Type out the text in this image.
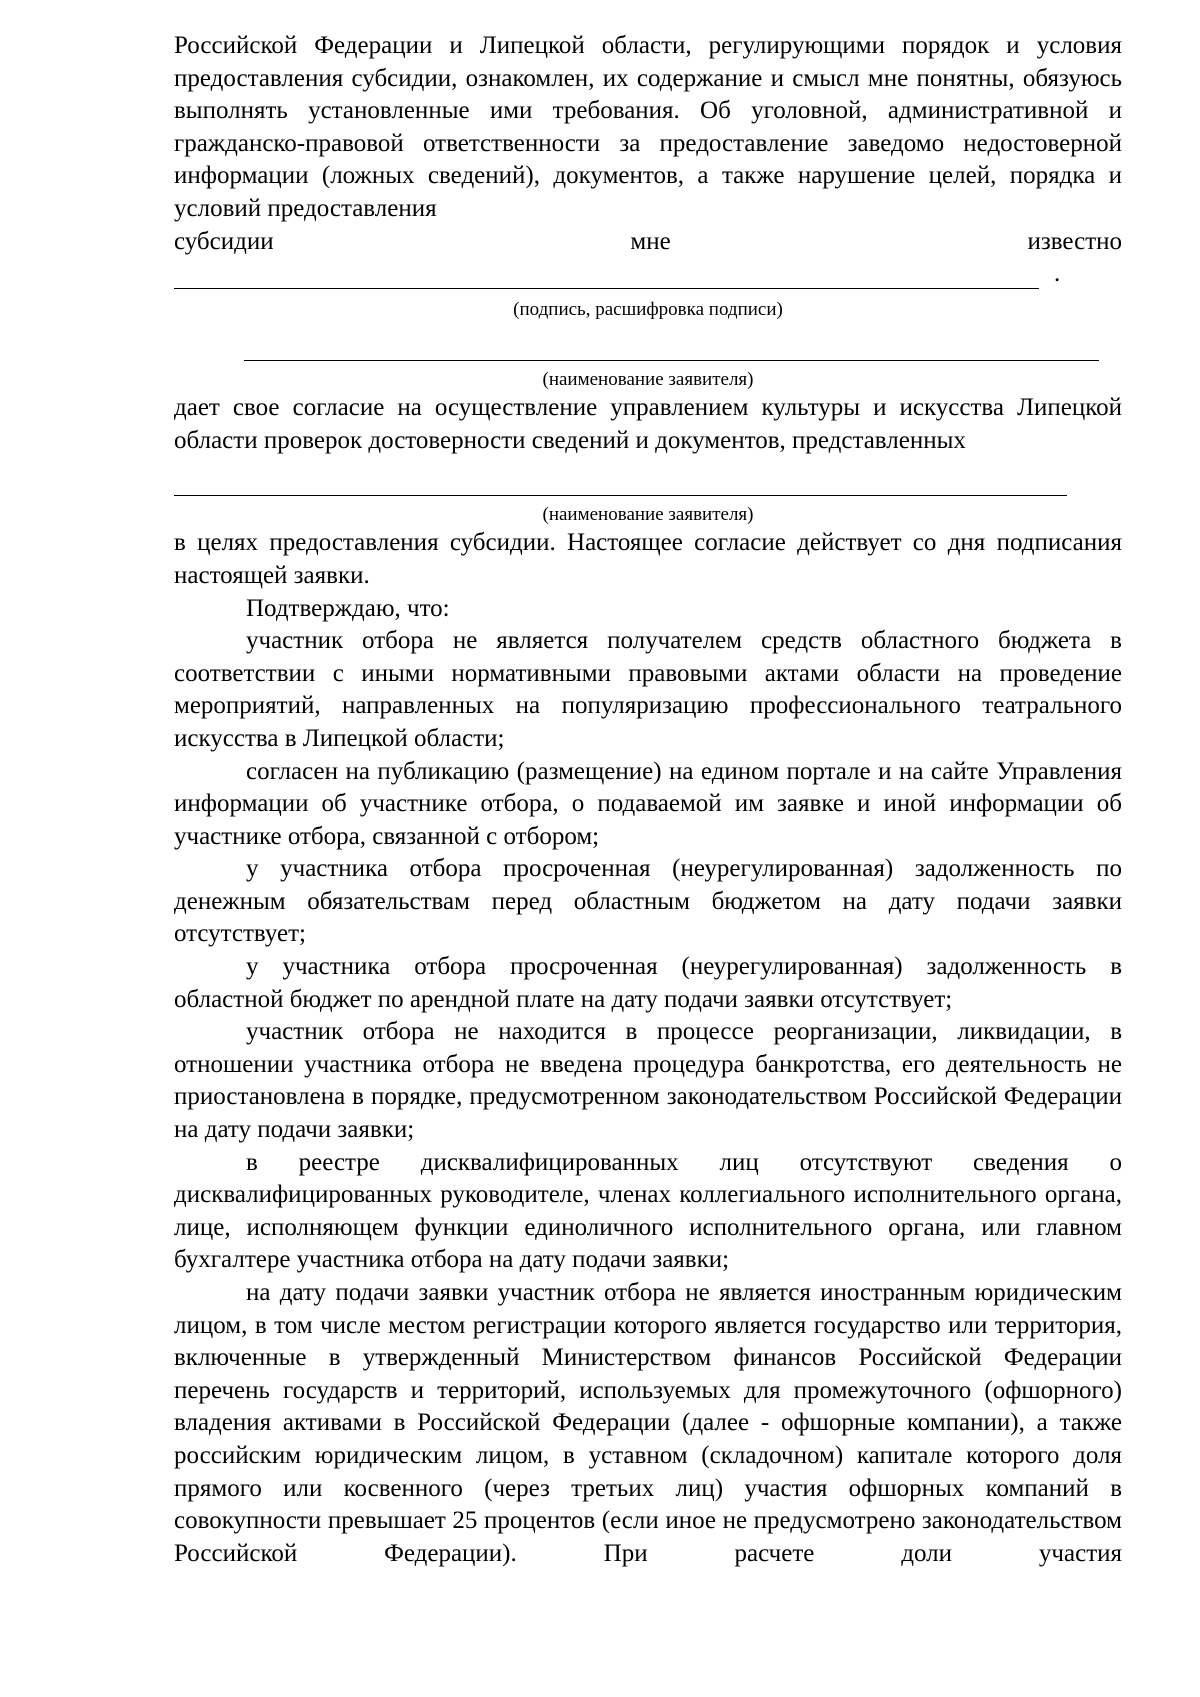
Российской Федерации и Липецкой области, регулирующими порядок и условия предоставления субсидии, ознакомлен, их содержание и смысл мне понятны, обязуюсь выполнять установленные ими требования. Об уголовной, административной и гражданско-правовой ответственности за предоставление заведомо недостоверной информации (ложных сведений), документов, а также нарушение целей, порядка и условий предоставления

субсидии мне известно

.

(подпись, расшифровка подписи)

(наименование заявителя)

дает свое согласие на осуществление управлением культуры и искусства Липецкой области проверок достоверности сведений и документов, представленных

(наименование заявителя)

в целях предоставления субсидии. Настоящее согласие действует со дня подписания настоящей заявки.

Подтверждаю, что:

участник отбора не является получателем средств областного бюджета в соответствии с иными нормативными правовыми актами области на проведение мероприятий, направленных на популяризацию профессионального театрального искусства в Липецкой области;

согласен на публикацию (размещение) на едином портале и на сайте Управления информации об участнике отбора, о подаваемой им заявке и иной информации об участнике отбора, связанной с отбором;

у участника отбора просроченная (неурегулированная) задолженность по денежным обязательствам перед областным бюджетом на дату подачи заявки отсутствует;

у участника отбора просроченная (неурегулированная) задолженность в областной бюджет по арендной плате на дату подачи заявки отсутствует;

участник отбора не находится в процессе реорганизации, ликвидации, в отношении участника отбора не введена процедура банкротства, его деятельность не приостановлена в порядке, предусмотренном законодательством Российской Федерации на дату подачи заявки;

в реестре дисквалифицированных лиц отсутствуют сведения о дисквалифицированных руководителе, членах коллегиального исполнительного органа, лице, исполняющем функции единоличного исполнительного органа, или главном бухгалтере участника отбора на дату подачи заявки;

на дату подачи заявки участник отбора не является иностранным юридическим лицом, в том числе местом регистрации которого является государство или территория, включенные в утвержденный Министерством финансов Российской Федерации перечень государств и территорий, используемых для промежуточного (офшорного) владения активами в Российской Федерации (далее - офшорные компании), а также российским юридическим лицом, в уставном (складочном) капитале которого доля прямого или косвенного (через третьих лиц) участия офшорных компаний в совокупности превышает 25 процентов (если иное не предусмотрено законодательством Российской Федерации). При расчете доли участия
